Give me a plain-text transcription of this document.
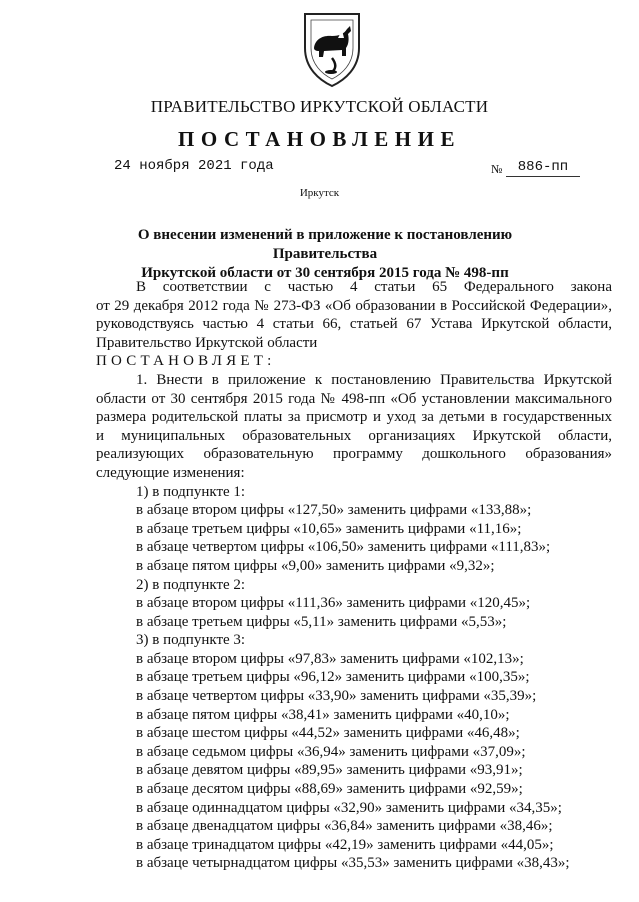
ПРАВИТЕЛЬСТВО ИРКУТСКОЙ ОБЛАСТИ
ПОСТАНОВЛЕНИЕ
24 ноября 2021 года	№	886-пп
Иркутск
О внесении изменений в приложение к постановлению Правительства
Иркутской области от 30 сентября 2015 года № 498-пп

В соответствии с частью 4 статьи 65 Федерального закона

от 29 декабря 2012 года № 273-ФЗ «Об образовании в Российской Федерации»,

руководствуясь частью 4 статьи 66, статьей 67 Устава Иркутской области,

Правительство Иркутской области

ПОСТАНОВЛЯЕТ:

1. Внести в приложение к постановлению Правительства Иркутской

области от 30 сентября 2015 года № 498-пп «Об установлении максимального

размера родительской платы за присмотр и уход за детьми в государственных

и муниципальных образовательных организациях Иркутской области,

реализующих образовательную программу дошкольного образования»

следующие изменения:

1) в подпункте 1:

в абзаце втором цифры «127,50» заменить цифрами «133,88»;

в абзаце третьем цифры «10,65» заменить цифрами «11,16»;

в абзаце четвертом цифры «106,50» заменить цифрами «111,83»;

в абзаце пятом цифры «9,00» заменить цифрами «9,32»;

2) в подпункте 2:

в абзаце втором цифры «111,36» заменить цифрами «120,45»;

в абзаце третьем цифры «5,11» заменить цифрами «5,53»;

3) в подпункте 3:

в абзаце втором цифры «97,83» заменить цифрами «102,13»;

в абзаце третьем цифры «96,12» заменить цифрами «100,35»;

в абзаце четвертом цифры «33,90» заменить цифрами «35,39»;

в абзаце пятом цифры «38,41» заменить цифрами «40,10»;

в абзаце шестом цифры «44,52» заменить цифрами «46,48»;

в абзаце седьмом цифры «36,94» заменить цифрами «37,09»;

в абзаце девятом цифры «89,95» заменить цифрами «93,91»;

в абзаце десятом цифры «88,69» заменить цифрами «92,59»;

в абзаце одиннадцатом цифры «32,90» заменить цифрами «34,35»;

в абзаце двенадцатом цифры «36,84» заменить цифрами «38,46»;

в абзаце тринадцатом цифры «42,19» заменить цифрами «44,05»;

в абзаце четырнадцатом цифры «35,53» заменить цифрами «38,43»;
